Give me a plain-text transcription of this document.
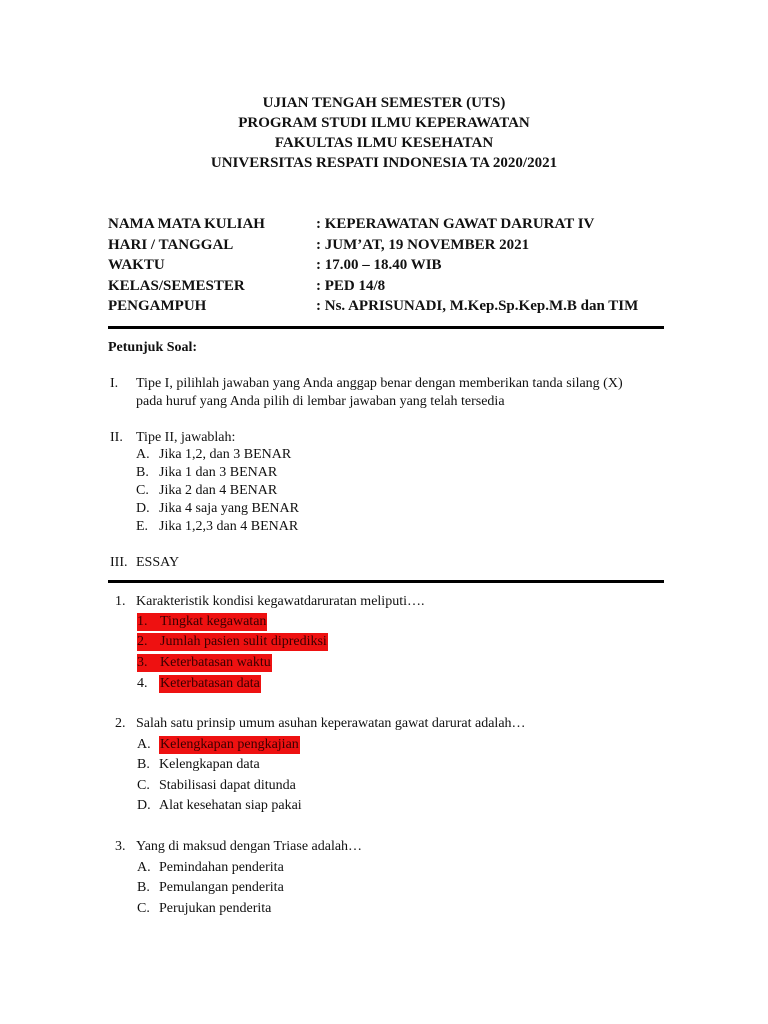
UJIAN TENGAH SEMESTER (UTS)
PROGRAM STUDI ILMU KEPERAWATAN
FAKULTAS ILMU KESEHATAN
UNIVERSITAS RESPATI INDONESIA TA 2020/2021
NAMA MATA KULIAH	: KEPERAWATAN GAWAT DARURAT IV
HARI / TANGGAL	: JUM’AT, 19 NOVEMBER 2021
WAKTU	: 17.00 – 18.40 WIB
KELAS/SEMESTER	: PED 14/8
PENGAMPUH	: Ns. APRISUNADI, M.Kep.Sp.Kep.M.B dan TIM
Petunjuk Soal:
I. Tipe I, pilihlah jawaban yang Anda anggap benar dengan memberikan tanda silang (X)
pada huruf yang Anda pilih di lembar jawaban yang telah tersedia
II. Tipe II, jawablah:
A. Jika 1,2, dan 3 BENAR
B. Jika 1 dan 3 BENAR
C. Jika 2 dan 4 BENAR
D. Jika 4 saja yang BENAR
E. Jika 1,2,3 dan 4 BENAR
III. ESSAY
1. Karakteristik kondisi kegawatdaruratan meliputi….
1. Tingkat kegawatan
2. Jumlah pasien sulit diprediksi
3. Keterbatasan waktu
4. Keterbatasan data
2. Salah satu prinsip umum asuhan keperawatan gawat darurat adalah…
A. Kelengkapan pengkajian
B. Kelengkapan data
C. Stabilisasi dapat ditunda
D. Alat kesehatan siap pakai
3. Yang di maksud dengan Triase adalah…
A. Pemindahan penderita
B. Pemulangan penderita
C. Perujukan penderita
